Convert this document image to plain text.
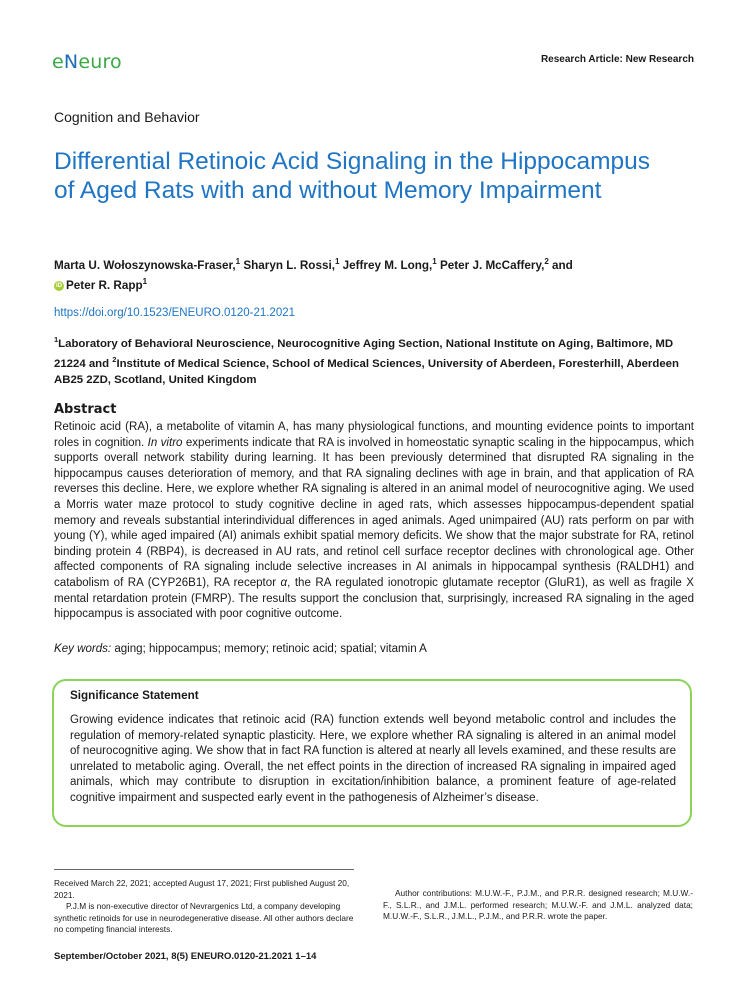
eNeuro	Research Article: New Research
Cognition and Behavior
Differential Retinoic Acid Signaling in the Hippocampus of Aged Rats with and without Memory Impairment
Marta U. Wołoszynowska-Fraser,$^1$ Sharyn L. Rossi,$^1$ Jeffrey M. Long,$^1$ Peter J. McCaffery,$^2$ and
iD Peter R. Rapp$^1$
https://doi.org/10.1523/ENEURO.0120-21.2021
$^1$Laboratory of Behavioral Neuroscience, Neurocognitive Aging Section, National Institute on Aging, Baltimore, MD 21224 and $^2$Institute of Medical Science, School of Medical Sciences, University of Aberdeen, Foresterhill, Aberdeen AB25 2ZD, Scotland, United Kingdom
Abstract
Retinoic acid (RA), a metabolite of vitamin A, has many physiological functions, and mounting evidence points to important roles in cognition. In vitro experiments indicate that RA is involved in homeostatic synaptic scaling in the hippocampus, which supports overall network stability during learning. It has been previously determined that disrupted RA signaling in the hippocampus causes deterioration of memory, and that RA signaling declines with age in brain, and that application of RA reverses this decline. Here, we explore whether RA signaling is altered in an animal model of neurocognitive aging. We used a Morris water maze protocol to study cognitive decline in aged rats, which assesses hippocampus-dependent spatial memory and reveals substantial interindividual differences in aged animals. Aged unimpaired (AU) rats perform on par with young (Y), while aged impaired (AI) animals exhibit spatial memory deficits. We show that the major substrate for RA, retinol binding protein 4 (RBP4), is decreased in AU rats, and retinol cell surface receptor declines with chronological age. Other affected components of RA signaling include selective increases in AI animals in hippocampal synthesis (RALDH1) and catabolism of RA (CYP26B1), RA receptor α, the RA regulated ionotropic glutamate receptor (GluR1), as well as fragile X mental retardation protein (FMRP). The results support the conclusion that, surprisingly, increased RA signaling in the aged hippocampus is associated with poor cognitive outcome.
Key words: aging; hippocampus; memory; retinoic acid; spatial; vitamin A
Significance Statement
Growing evidence indicates that retinoic acid (RA) function extends well beyond metabolic control and includes the regulation of memory-related synaptic plasticity. Here, we explore whether RA signaling is altered in an animal model of neurocognitive aging. We show that in fact RA function is altered at nearly all levels examined, and these results are unrelated to metabolic aging. Overall, the net effect points in the direction of increased RA signaling in impaired aged animals, which may contribute to disruption in excitation/inhibition balance, a prominent feature of age-related cognitive impairment and suspected early event in the pathogenesis of Alzheimer’s disease.

Received March 22, 2021; accepted August 17, 2021; First published August 20, 2021.

P.J.M is non-executive director of Nevrargenics Ltd, a company developing synthetic retinoids for use in neurodegenerative disease. All other authors declare no competing financial interests.

Author contributions: M.U.W.-F., P.J.M., and P.R.R. designed research; M.U.W.-F., S.L.R., and J.M.L. performed research; M.U.W.-F. and J.M.L. analyzed data; M.U.W.-F., S.L.R., J.M.L., P.J.M., and P.R.R. wrote the paper.

September/October 2021, 8(5) ENEURO.0120-21.2021 1–14
